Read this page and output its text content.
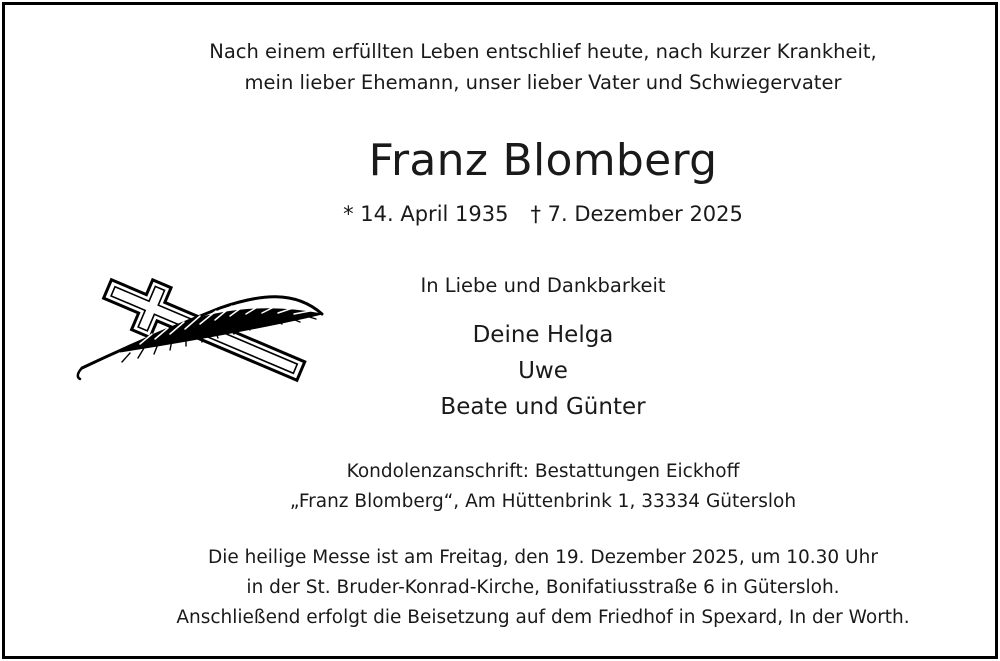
Nach einem erfüllten Leben entschlief heute, nach kurzer Krankheit,
mein lieber Ehemann, unser lieber Vater und Schwiegervater
Franz Blomberg
* 14. April 1935 † 7. Dezember 2025
In Liebe und Dankbarkeit
Deine Helga
Uwe
Beate und Günter
Kondolenzanschrift: Bestattungen Eickhoff
„Franz Blomberg“, Am Hüttenbrink 1, 33334 Gütersloh
Die heilige Messe ist am Freitag, den 19. Dezember 2025, um 10.30 Uhr
in der St. Bruder-Konrad-Kirche, Bonifatiusstraße 6 in Gütersloh.
Anschließend erfolgt die Beisetzung auf dem Friedhof in Spexard, In der Worth.
